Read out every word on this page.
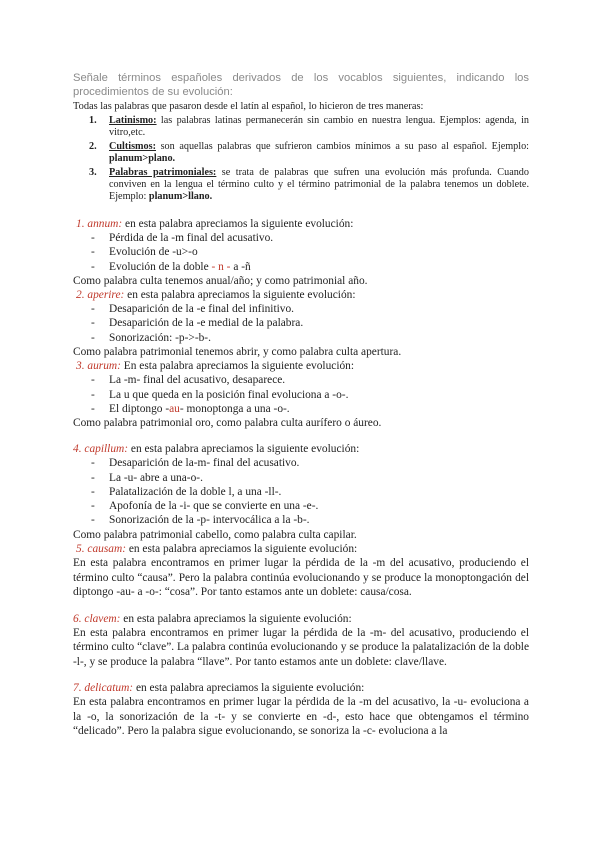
Señale términos españoles derivados de los vocablos siguientes, indicando los procedimientos de su evolución:

Todas las palabras que pasaron desde el latín al español, lo hicieron de tres maneras:

1. Latinismo: las palabras latinas permanecerán sin cambio en nuestra lengua. Ejemplos: agenda, in vitro,etc.
2. Cultismos: son aquellas palabras que sufrieron cambios mínimos a su paso al español. Ejemplo: planum>plano.
3. Palabras patrimoniales: se trata de palabras que sufren una evolución más profunda. Cuando conviven en la lengua el término culto y el término patrimonial de la palabra tenemos un doblete. Ejemplo: planum>llano.

1. annum: en esta palabra apreciamos la siguiente evolución:

- Pérdida de la -m final del acusativo.
- Evolución de -u>-o
- Evolución de la doble - n - a -ñ

Como palabra culta tenemos anual/año; y como patrimonial año.

2. aperire: en esta palabra apreciamos la siguiente evolución:

- Desaparición de la -e final del infinitivo.
- Desaparición de la -e medial de la palabra.
- Sonorización: -p->-b-.

Como palabra patrimonial tenemos abrir, y como palabra culta apertura.

3. aurum: En esta palabra apreciamos la siguiente evolución:

- La -m- final del acusativo, desaparece.
- La u que queda en la posición final evoluciona a -o-.
- El diptongo -au- monoptonga a una -o-.

Como palabra patrimonial oro, como palabra culta aurífero o áureo.

4. capillum: en esta palabra apreciamos la siguiente evolución:

- Desaparición de la-m- final del acusativo.
- La -u- abre a una-o-.
- Palatalización de la doble l, a una -ll-.
- Apofonía de la -i- que se convierte en una -e-.
- Sonorización de la -p- intervocálica a la -b-.

Como palabra patrimonial cabello, como palabra culta capilar.

5. causam: en esta palabra apreciamos la siguiente evolución:

En esta palabra encontramos en primer lugar la pérdida de la -m del acusativo, produciendo el término culto “causa”. Pero la palabra continúa evolucionando y se produce la monoptongación del diptongo -au- a -o-: “cosa”. Por tanto estamos ante un doblete: causa/cosa.

6. clavem: en esta palabra apreciamos la siguiente evolución:

En esta palabra encontramos en primer lugar la pérdida de la -m- del acusativo, produciendo el término culto “clave”. La palabra continúa evolucionando y se produce la palatalización de la doble -l-, y se produce la palabra “llave”. Por tanto estamos ante un doblete: clave/llave.

7. delicatum: en esta palabra apreciamos la siguiente evolución:

En esta palabra encontramos en primer lugar la pérdida de la -m del acusativo, la -u- evoluciona a la -o, la sonorización de la -t- y se convierte en -d-, esto hace que obtengamos el término “delicado”. Pero la palabra sigue evolucionando, se sonoriza la -c- evoluciona a la
